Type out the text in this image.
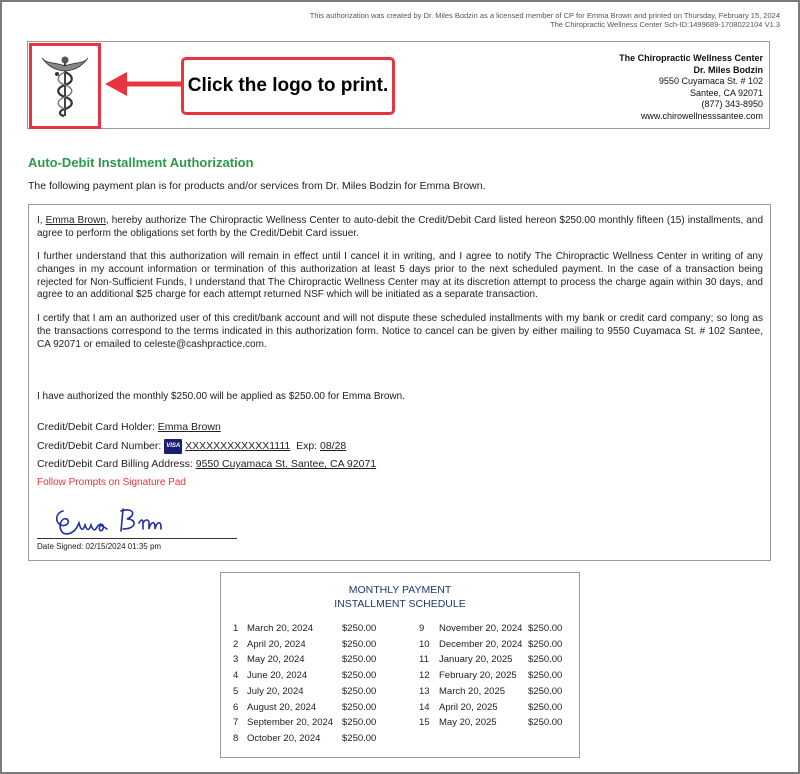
This authorization was created by Dr. Miles Bodzin as a licensed member of CP for Emma Brown and printed on Thursday, February 15, 2024
The Chiropractic Wellness Center Sch-ID:1499689-1708022104 V1.3
Click the logo to print.
The Chiropractic Wellness Center
Dr. Miles Bodzin
9550 Cuyamaca St. # 102
Santee, CA 92071
(877) 343-8950
www.chirowellnesssantee.com
Auto-Debit Installment Authorization
The following payment plan is for products and/or services from Dr. Miles Bodzin for Emma Brown.

I, Emma Brown, hereby authorize The Chiropractic Wellness Center to auto-debit the Credit/Debit Card listed hereon $250.00 monthly fifteen (15) installments, and agree to perform the obligations set forth by the Credit/Debit Card issuer.

I further understand that this authorization will remain in effect until I cancel it in writing, and I agree to notify The Chiropractic Wellness Center in writing of any changes in my account information or termination of this authorization at least 5 days prior to the next scheduled payment. In the case of a transaction being rejected for Non-Sufficient Funds, I understand that The Chiropractic Wellness Center may at its discretion attempt to process the charge again within 30 days, and agree to an additional $25 charge for each attempt returned NSF which will be initiated as a separate transaction.

I certify that I am an authorized user of this credit/bank account and will not dispute these scheduled installments with my bank or credit card company; so long as the transactions correspond to the terms indicated in this authorization form. Notice to cancel can be given by either mailing to 9550 Cuyamaca St. # 102 Santee, CA 92071 or emailed to celeste@cashpractice.com.

I have authorized the monthly $250.00 will be applied as $250.00 for Emma Brown.

Credit/Debit Card Holder: Emma Brown
Credit/Debit Card Number: VISA XXXXXXXXXXXX1111 Exp: 08/28
Credit/Debit Card Billing Address: 9550 Cuyamaca St. Santee, CA 92071
Follow Prompts on Signature Pad
Date Signed: 02/15/2024 01:35 pm
MONTHLY PAYMENT
INSTALLMENT SCHEDULE
1 March 20, 2024	$250.00
2 April 20, 2024	$250.00
3 May 20, 2024	$250.00
4 June 20, 2024	$250.00
5 July 20, 2024	$250.00
6 August 20, 2024	$250.00
7 September 20, 2024 $250.00
8 October 20, 2024 $250.00
9 November 20, 2024 $250.00
10 December 20, 2024 $250.00
11 January 20, 2025 $250.00
12 February 20, 2025 $250.00
13 March 20, 2025 $250.00
14 April 20, 2025	$250.00
15 May 20, 2025	$250.00
